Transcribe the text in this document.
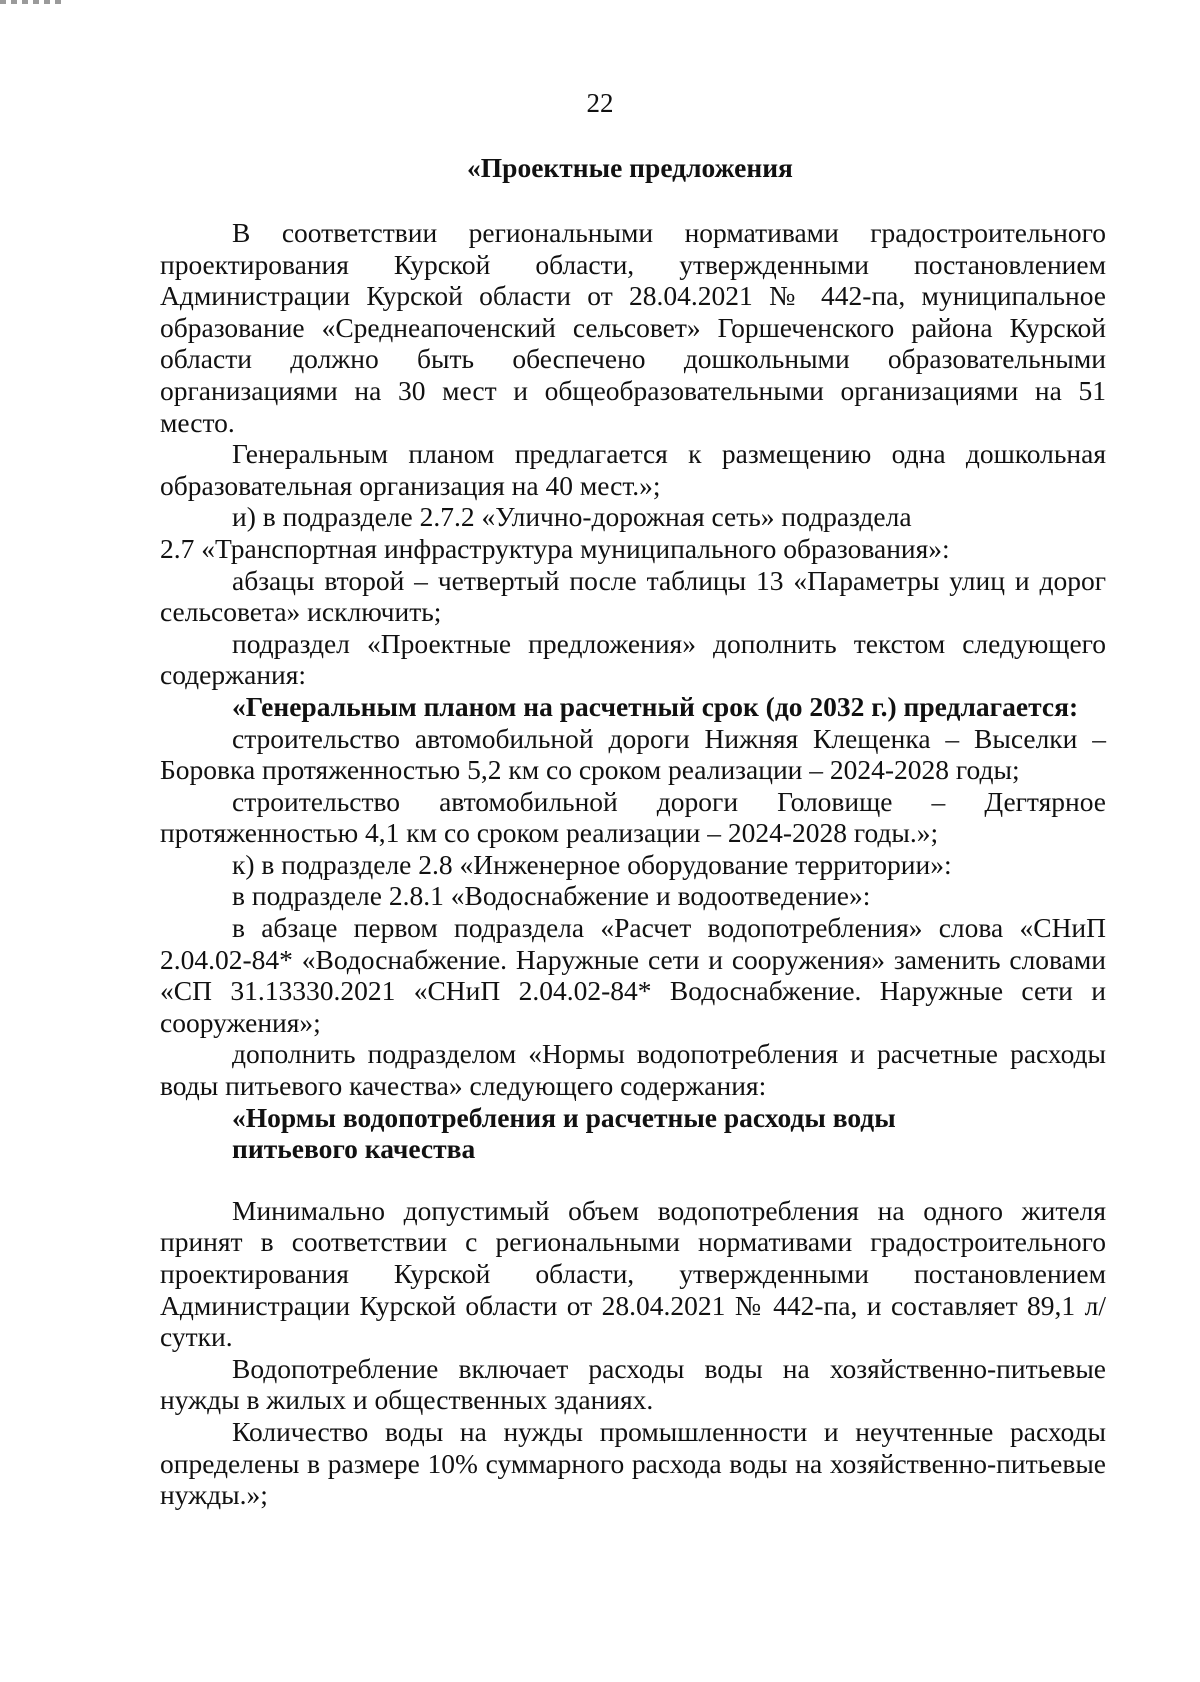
22
«Проектные предложения

В соответствии региональными нормативами градостроительного проектирования Курской области, утвержденными постановлением Администрации Курской области от 28.04.2021 № 442-па, муниципальное образование «Среднеапоченский сельсовет» Горшеченского района Курской области должно быть обеспечено дошкольными образовательными организациями на 30 мест и общеобразовательными организациями на 51 место.

Генеральным планом предлагается к размещению одна дошкольная образовательная организация на 40 мест.»;

и) в подразделе 2.7.2 «Улично-дорожная сеть» подраздела

2.7 «Транспортная инфраструктура муниципального образования»:

абзацы второй – четвертый после таблицы 13 «Параметры улиц и дорог сельсовета» исключить;

подраздел «Проектные предложения» дополнить текстом следующего содержания:

«Генеральным планом на расчетный срок (до 2032 г.) предлагается:

строительство автомобильной дороги Нижняя Клещенка – Выселки – Боровка протяженностью 5,2 км со сроком реализации – 2024-2028 годы;

строительство автомобильной дороги Головище – Дегтярное протяженностью 4,1 км со сроком реализации – 2024-2028 годы.»;

к) в подразделе 2.8 «Инженерное оборудование территории»:

в подразделе 2.8.1 «Водоснабжение и водоотведение»:

в абзаце первом подраздела «Расчет водопотребления» слова «СНиП 2.04.02-84* «Водоснабжение. Наружные сети и сооружения» заменить словами «СП 31.13330.2021 «СНиП 2.04.02-84* Водоснабжение. Наружные сети и сооружения»;

дополнить подразделом «Нормы водопотребления и расчетные расходы воды питьевого качества» следующего содержания:

«Нормы водопотребления и расчетные расходы воды

питьевого качества

Минимально допустимый объем водопотребления на одного жителя принят в соответствии с региональными нормативами градостроительного проектирования Курской области, утвержденными постановлением Администрации Курской области от 28.04.2021 № 442-па, и составляет 89,1 л/сутки.

Водопотребление включает расходы воды на хозяйственно-питьевые нужды в жилых и общественных зданиях.

Количество воды на нужды промышленности и неучтенные расходы определены в размере 10% суммарного расхода воды на хозяйственно-питьевые нужды.»;
